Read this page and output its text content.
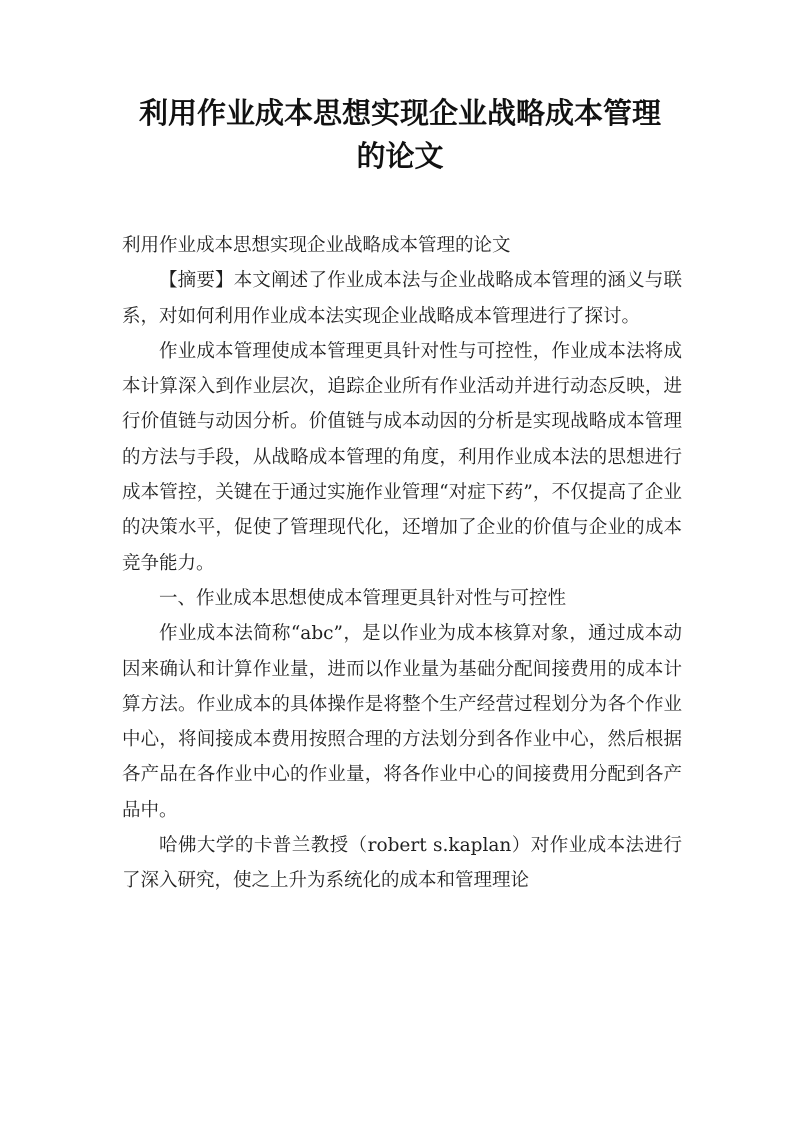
利用作业成本思想实现企业战略成本管理
的论文

利用作业成本思想实现企业战略成本管理的论文

【摘要】本文阐述了作业成本法与企业战略成本管理的涵义与联系，对如何利用作业成本法实现企业战略成本管理进行了探讨。

作业成本管理使成本管理更具针对性与可控性，作业成本法将成本计算深入到作业层次，追踪企业所有作业活动并进行动态反映，进行价值链与动因分析。价值链与成本动因的分析是实现战略成本管理的方法与手段，从战略成本管理的角度，利用作业成本法的思想进行成本管控，关键在于通过实施作业管理“对症下药”，不仅提高了企业的决策水平，促使了管理现代化，还增加了企业的价值与企业的成本竞争能力。

一、作业成本思想使成本管理更具针对性与可控性

作业成本法简称“abc”，是以作业为成本核算对象，通过成本动因来确认和计算作业量，进而以作业量为基础分配间接费用的成本计算方法。作业成本的具体操作是将整个生产经营过程划分为各个作业中心，将间接成本费用按照合理的方法划分到各作业中心，然后根据各产品在各作业中心的作业量，将各作业中心的间接费用分配到各产品中。

哈佛大学的卡普兰教授（robert s.kaplan）对作业成本法进行了深入研究，使之上升为系统化的成本和管理理论
